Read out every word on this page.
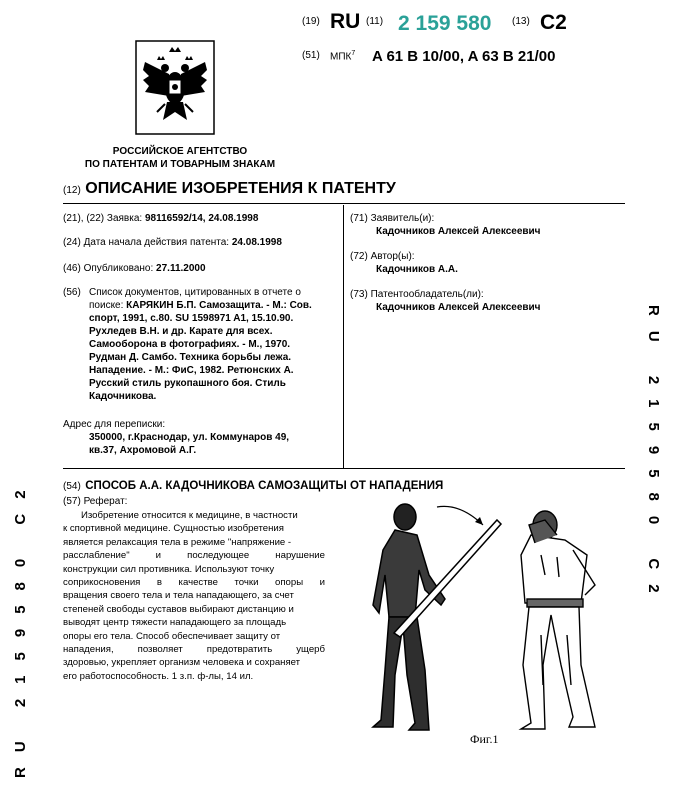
(19) RU (11) 2 159 580 (13) C2
(51) МПК$^7$ A 61 B 10/00, A 63 B 21/00
РОССИЙСКОЕ АГЕНТСТВО
ПО ПАТЕНТАМ И ТОВАРНЫМ ЗНАКАМ
(12) ОПИСАНИЕ ИЗОБРЕТЕНИЯ К ПАТЕНТУ
(21), (22) Заявка: 98116592/14, 24.08.1998
(24) Дата начала действия патента: 24.08.1998
(46) Опубликовано: 27.11.2000
(56) Список документов, цитированных в отчете о
поиске: КАРЯКИН Б.П. Самозащита. - М.: Сов.
спорт, 1991, с.80. SU 1598971 A1, 15.10.90.
Рухледев В.Н. и др. Карате для всех.
Самооборона в фотографиях. - М., 1970.
Рудман Д. Самбо. Техника борьбы лежа.
Нападение. - М.: ФиС, 1982. Ретюнских А.
Русский стиль рукопашного боя. Стиль
Кадочникова.
Адрес для переписки:
350000, г.Краснодар, ул. Коммунаров 49,
кв.37, Ахромовой А.Г.
(71) Заявитель(и):
Кадочников Алексей Алексеевич
(72) Автор(ы):
Кадочников А.А.
(73) Патентообладатель(ли):
Кадочников Алексей Алексеевич
(54) СПОСОБ А.А. КАДОЧНИКОВА САМОЗАЩИТЫ ОТ НАПАДЕНИЯ
(57) Реферат:
Изобретение относится к медицине, в частности
к спортивной медицине. Сущностью изобретения
является релаксация тела в режиме "напряжение -
расслабление" и последующее нарушение
конструкции сил противника. Используют точку
соприкосновения в качестве точки опоры и
вращения своего тела и тела нападающего, за счет
степеней свободы суставов выбирают дистанцию и
выводят центр тяжести нападающего за площадь
опоры его тела. Способ обеспечивает защиту от
нападения, позволяет предотвратить ущерб
здоровью, укрепляет организм человека и сохраняет
его работоспособность. 1 з.п. ф-лы, 14 ил.
Фиг.1
RU 2159580 C2
RU 2159580 C2
